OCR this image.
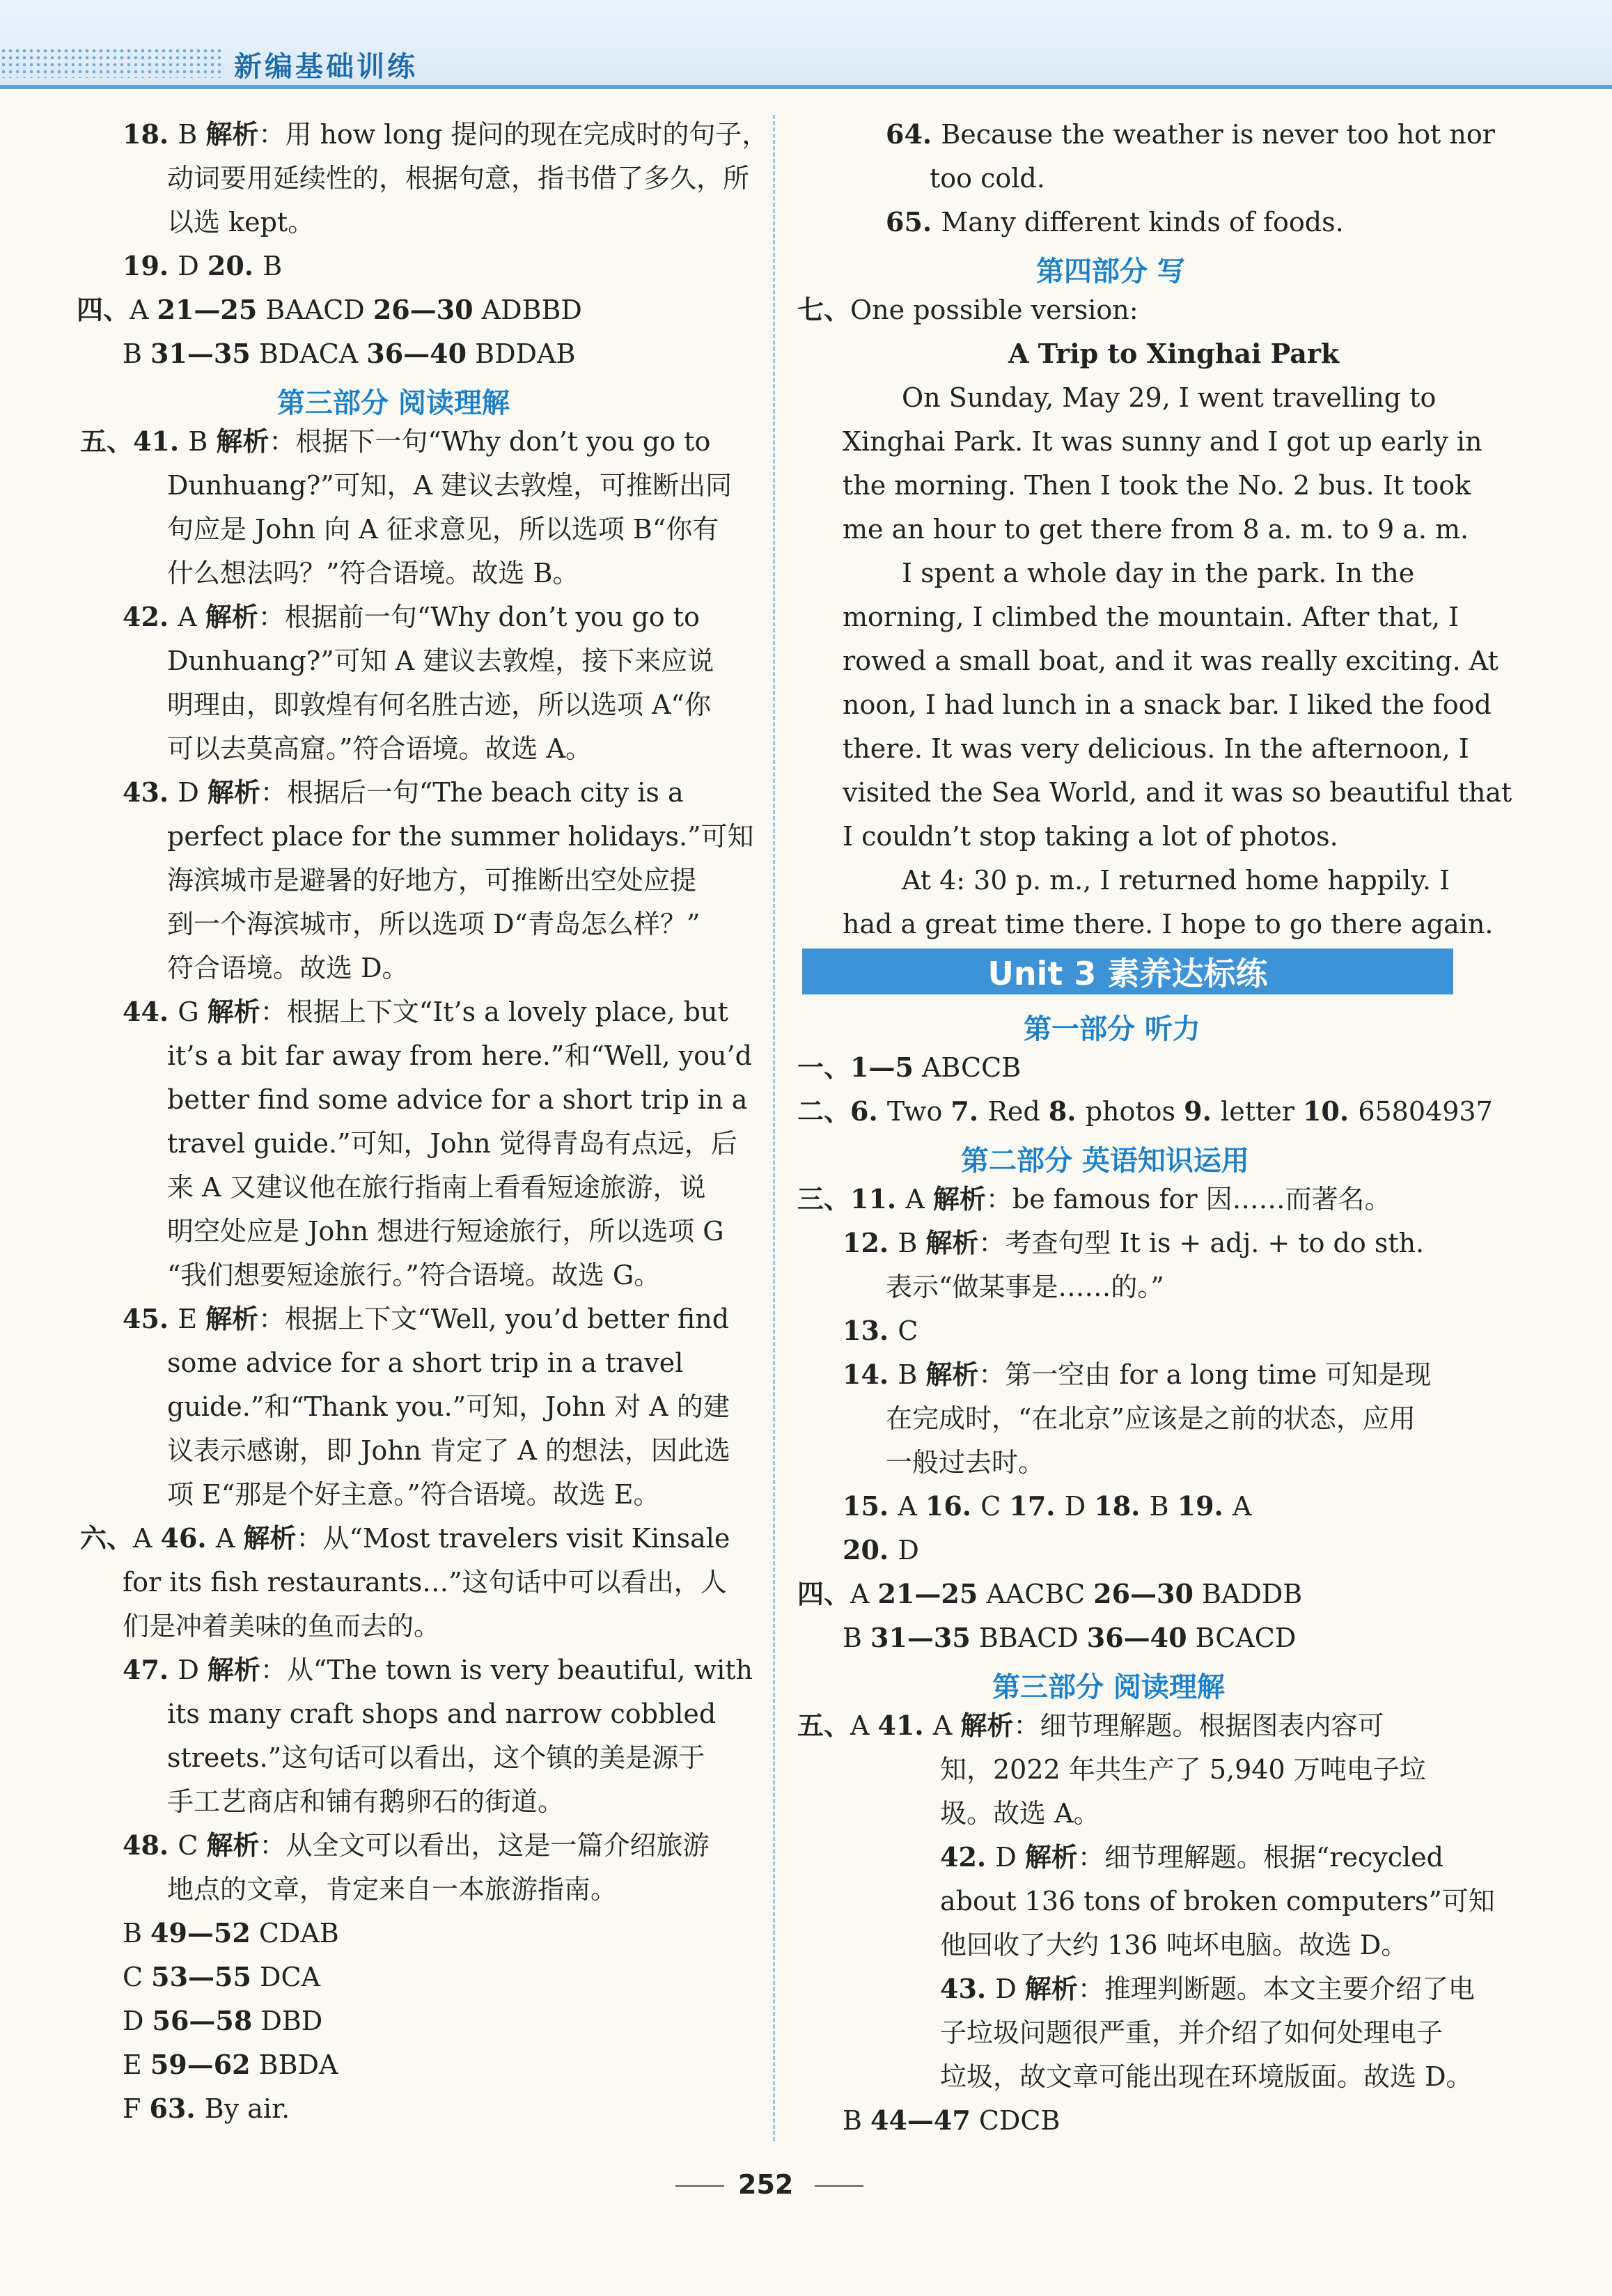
新编基础训练
18. B 解析：用 how long 提问的现在完成时的句子，
动词要用延续性的，根据句意，指书借了多久，所
以选 kept。
19. D 20. B
四、A 21—25 BAACD 26—30 ADBBD
B 31—35 BDACA 36—40 BDDAB
五、41. B 解析：根据下一句“Why don’t you go to
Dunhuang?”可知，A 建议去敦煌，可推断出同
句应是 John 向 A 征求意见，所以选项 B“你有
什么想法吗？”符合语境。故选 B。
42. A 解析：根据前一句“Why don’t you go to
Dunhuang?”可知 A 建议去敦煌，接下来应说
明理由，即敦煌有何名胜古迹，所以选项 A“你
可以去莫高窟。”符合语境。故选 A。
43. D 解析：根据后一句“The beach city is a
perfect place for the summer holidays.”可知
海滨城市是避暑的好地方，可推断出空处应提
到一个海滨城市，所以选项 D“青岛怎么样？”
符合语境。故选 D。
44. G 解析：根据上下文“It’s a lovely place, but
it’s a bit far away from here.”和“Well, you’d
better find some advice for a short trip in a
travel guide.”可知，John 觉得青岛有点远，后
来 A 又建议他在旅行指南上看看短途旅游，说
明空处应是 John 想进行短途旅行，所以选项 G
“我们想要短途旅行。”符合语境。故选 G。
45. E 解析：根据上下文“Well, you’d better find
some advice for a short trip in a travel
guide.”和“Thank you.”可知，John 对 A 的建
议表示感谢，即 John 肯定了 A 的想法，因此选
项 E“那是个好主意。”符合语境。故选 E。
六、A 46. A 解析：从“Most travelers visit Kinsale
for its fish restaurants…”这句话中可以看出，人
们是冲着美味的鱼而去的。
47. D 解析：从“The town is very beautiful, with
its many craft shops and narrow cobbled
streets.”这句话可以看出，这个镇的美是源于
手工艺商店和铺有鹅卵石的街道。
48. C 解析：从全文可以看出，这是一篇介绍旅游
地点的文章，肯定来自一本旅游指南。
B 49—52 CDAB
C 53—55 DCA
D 56—58 DBD
E 59—62 BBDA
F 63. By air.
第三部分 阅读理解
64. Because the weather is never too hot nor
too cold.
65. Many different kinds of foods.
七、One possible version:
On Sunday, May 29, I went travelling to
Xinghai Park. It was sunny and I got up early in
the morning. Then I took the No. 2 bus. It took
me an hour to get there from 8 a. m. to 9 a. m.
I spent a whole day in the park. In the
morning, I climbed the mountain. After that, I
rowed a small boat, and it was really exciting. At
noon, I had lunch in a snack bar. I liked the food
there. It was very delicious. In the afternoon, I
visited the Sea World, and it was so beautiful that
I couldn’t stop taking a lot of photos.
At 4: 30 p. m., I returned home happily. I
had a great time there. I hope to go there again.
一、1—5 ABCCB
二、6. Two 7. Red 8. photos 9. letter 10. 65804937
三、11. A 解析：be famous for 因……而著名。
12. B 解析：考查句型 It is + adj. + to do sth.
表示“做某事是……的。”
13. C
14. B 解析：第一空由 for a long time 可知是现
在完成时，“在北京”应该是之前的状态，应用
一般过去时。
15. A 16. C 17. D 18. B 19. A
20. D
四、A 21—25 AACBC 26—30 BADDB
B 31—35 BBACD 36—40 BCACD
五、A 41. A 解析：细节理解题。根据图表内容可
知，2022 年共生产了 5,940 万吨电子垃
圾。故选 A。
42. D 解析：细节理解题。根据“recycled
about 136 tons of broken computers”可知
他回收了大约 136 吨坏电脑。故选 D。
43. D 解析：推理判断题。本文主要介绍了电
子垃圾问题很严重，并介绍了如何处理电子
垃圾，故文章可能出现在环境版面。故选 D。
B 44—47 CDCB
第四部分 写
第一部分 听力
第二部分 英语知识运用
第三部分 阅读理解
A Trip to Xinghai Park
Unit 3 素养达标练
252
